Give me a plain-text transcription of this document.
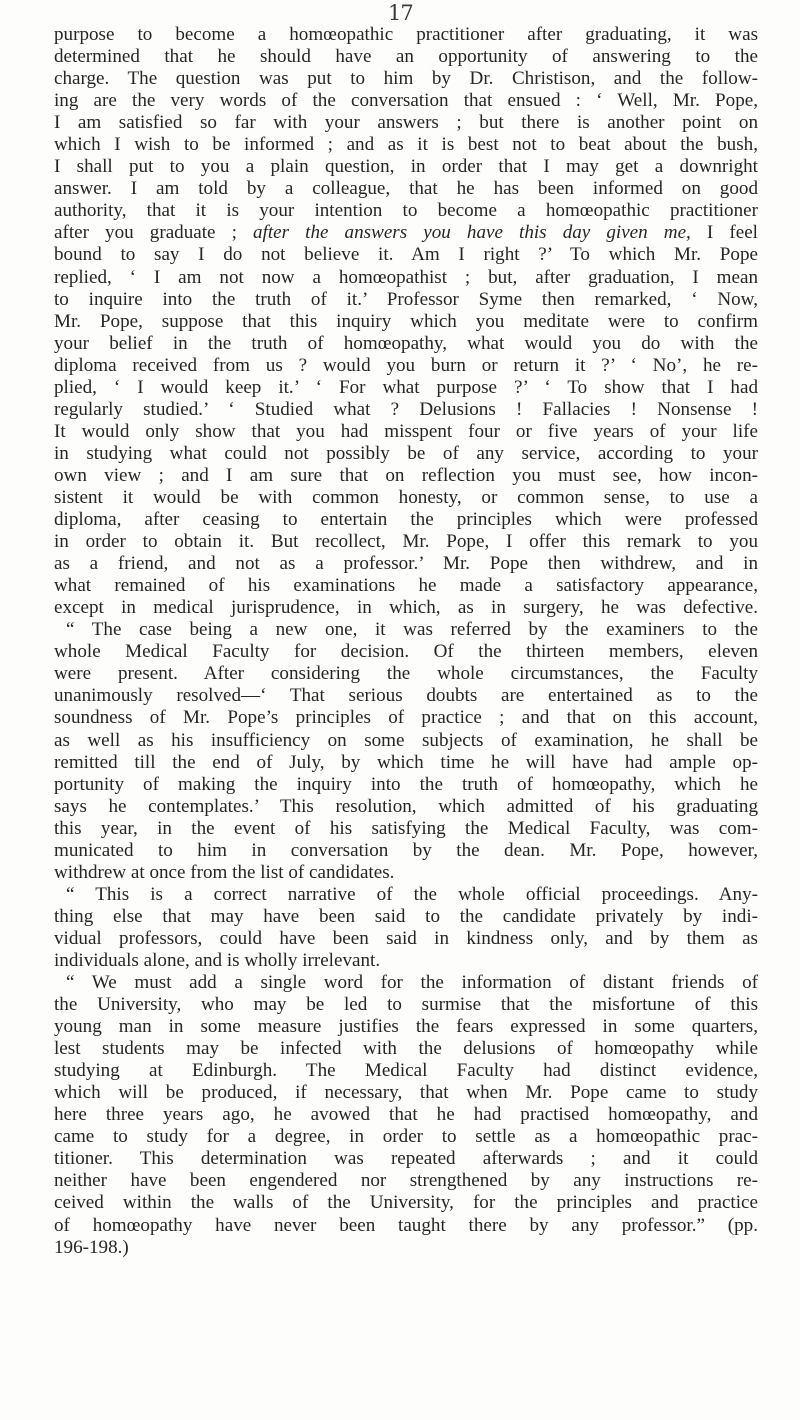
17
purpose to become a homœopathic practitioner after graduating, it was
determined that he should have an opportunity of answering to the
charge. The question was put to him by Dr. Christison, and the follow-
ing are the very words of the conversation that ensued : ‘ Well, Mr. Pope,
I am satisfied so far with your answers ; but there is another point on
which I wish to be informed ; and as it is best not to beat about the bush,
I shall put to you a plain question, in order that I may get a downright
answer. I am told by a colleague, that he has been informed on good
authority, that it is your intention to become a homœopathic practitioner
after you graduate ; after the answers you have this day given me, I feel
bound to say I do not believe it. Am I right ?’ To which Mr. Pope
replied, ‘ I am not now a homœopathist ; but, after graduation, I mean
to inquire into the truth of it.’ Professor Syme then remarked, ‘ Now,
Mr. Pope, suppose that this inquiry which you meditate were to confirm
your belief in the truth of homœopathy, what would you do with the
diploma received from us ? would you burn or return it ?’ ‘ No’, he re-
plied, ‘ I would keep it.’ ‘ For what purpose ?’ ‘ To show that I had
regularly studied.’ ‘ Studied what ? Delusions ! Fallacies ! Nonsense !
It would only show that you had misspent four or five years of your life
in studying what could not possibly be of any service, according to your
own view ; and I am sure that on reflection you must see, how incon-
sistent it would be with common honesty, or common sense, to use a
diploma, after ceasing to entertain the principles which were professed
in order to obtain it. But recollect, Mr. Pope, I offer this remark to you
as a friend, and not as a professor.’ Mr. Pope then withdrew, and in
what remained of his examinations he made a satisfactory appearance,
except in medical jurisprudence, in which, as in surgery, he was defective.
“ The case being a new one, it was referred by the examiners to the
whole Medical Faculty for decision. Of the thirteen members, eleven
were present. After considering the whole circumstances, the Faculty
unanimously resolved—‘ That serious doubts are entertained as to the
soundness of Mr. Pope’s principles of practice ; and that on this account,
as well as his insufficiency on some subjects of examination, he shall be
remitted till the end of July, by which time he will have had ample op-
portunity of making the inquiry into the truth of homœopathy, which he
says he contemplates.’ This resolution, which admitted of his graduating
this year, in the event of his satisfying the Medical Faculty, was com-
municated to him in conversation by the dean. Mr. Pope, however,
withdrew at once from the list of candidates.
“ This is a correct narrative of the whole official proceedings. Any-
thing else that may have been said to the candidate privately by indi-
vidual professors, could have been said in kindness only, and by them as
individuals alone, and is wholly irrelevant.
“ We must add a single word for the information of distant friends of
the University, who may be led to surmise that the misfortune of this
young man in some measure justifies the fears expressed in some quarters,
lest students may be infected with the delusions of homœopathy while
studying at Edinburgh. The Medical Faculty had distinct evidence,
which will be produced, if necessary, that when Mr. Pope came to study
here three years ago, he avowed that he had practised homœopathy, and
came to study for a degree, in order to settle as a homœopathic prac-
titioner. This determination was repeated afterwards ; and it could
neither have been engendered nor strengthened by any instructions re-
ceived within the walls of the University, for the principles and practice
of homœopathy have never been taught there by any professor.” (pp.
196-198.)
